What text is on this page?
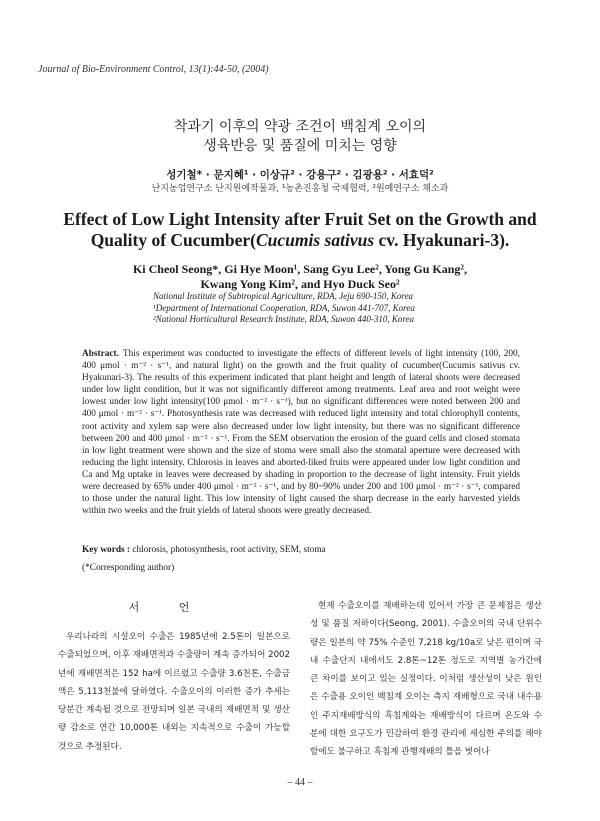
Journal of Bio-Environment Control, 13(1):44-50, (2004)
착과기 이후의 약광 조건이 백침계 오이의
생육반응 및 품질에 미치는 영향
성기철* · 문지혜¹ · 이상규² · 강용구² · 김광용² · 서효덕²
난지농업연구소 난지원예작물과, ¹농촌진흥청 국제협력, ²원예연구소 채소과
Effect of Low Light Intensity after Fruit Set on the Growth and
Quality of Cucumber(Cucumis sativus cv. Hyakunari-3).
Ki Cheol Seong*, Gi Hye Moon¹, Sang Gyu Lee², Yong Gu Kang²,
Kwang Yong Kim², and Hyo Duck Seo²
National Institute of Subtropical Agriculture, RDA, Jeju 690-150, Korea
¹Department of International Cooperation, RDA, Suwon 441-707, Korea
²National Horticultural Research Institute, RDA, Suwon 440-310, Korea
Abstract. This experiment was conducted to investigate the effects of different levels of light intensity (100, 200, 400 μmol · m⁻² · s⁻¹, and natural light) on the growth and the fruit quality of cucumber(Cucumis sativus cv. Hyakunari-3). The results of this experiment indicated that plant height and length of lateral shoots were decreased under low light condition, but it was not significantly different among treatments. Leaf area and root weight were lowest under low light intensity(100 μmol · m⁻² · s⁻¹), but no significant differences were noted between 200 and 400 μmol · m⁻² · s⁻¹. Photosynthesis rate was decreased with reduced light intensity and total chlorophyll contents, root activity and xylem sap were also decreased under low light intensity, but there was no significant difference between 200 and 400 μmol · m⁻² · s⁻¹. From the SEM observation the erosion of the guard cells and closed stomata in low light treatment were shown and the size of stoma were small also the stomatal aperture were decreased with reducing the light intensity. Chlorosis in leaves and aborted-liked fruits were appeared under low light condition and Ca and Mg uptake in leaves were decreased by shading in proportion to the decrease of light intensity. Fruit yields were decreased by 65% under 400 μmol · m⁻² · s⁻¹, and by 80~90% under 200 and 100 μmol · m⁻² · s⁻¹, compared to those under the natural light. This low intensity of light caused the sharp decrease in the early harvested yields within two weeks and the fruit yields of lateral shoots were greatly decreased.
Key words : chlorosis, photosynthesis, root activity, SEM, stoma
(*Corresponding author)
서 언
우리나라의 시설오이 수출은 1985년에 2.5톤이 일본으로 수출되었으며, 이후 재배면적과 수출량이 계속 증가되어 2002년에 재배면적은 152 ha에 이르렀고 수출량 3.6천톤, 수출금액은 5,113천불에 달하였다. 수출오이의 이러한 증가 추세는 당분간 계속될 것으로 전망되며 일본 국내의 재배면적 및 생산량 감소로 연간 10,000톤 내외는 지속적으로 수출이 가능할 것으로 추정된다.
현재 수출오이를 재배하는데 있어서 가장 큰 문제점은 생산성 및 품질 저하이다(Seong, 2001). 수출오이의 국내 단위수량은 일본의 약 75% 수준인 7,218 kg/10a로 낮은 편이며 국내 수출단지 내에서도 2.8톤~12톤 정도로 지역별 농가간에 큰 차이를 보이고 있는 실정이다. 이처럼 생산성이 낮은 원인은 수출용 오이인 백침계 오이는 측지 재배형으로 국내 내수용인 주지재배방식의 흑침계와는 재배방식이 다르며 온도와 수분에 대한 요구도가 민감하여 환경 관리에 세심한 주의를 해야함에도 불구하고 흑침계 관행재배의 틀을 벗어나
– 44 –
